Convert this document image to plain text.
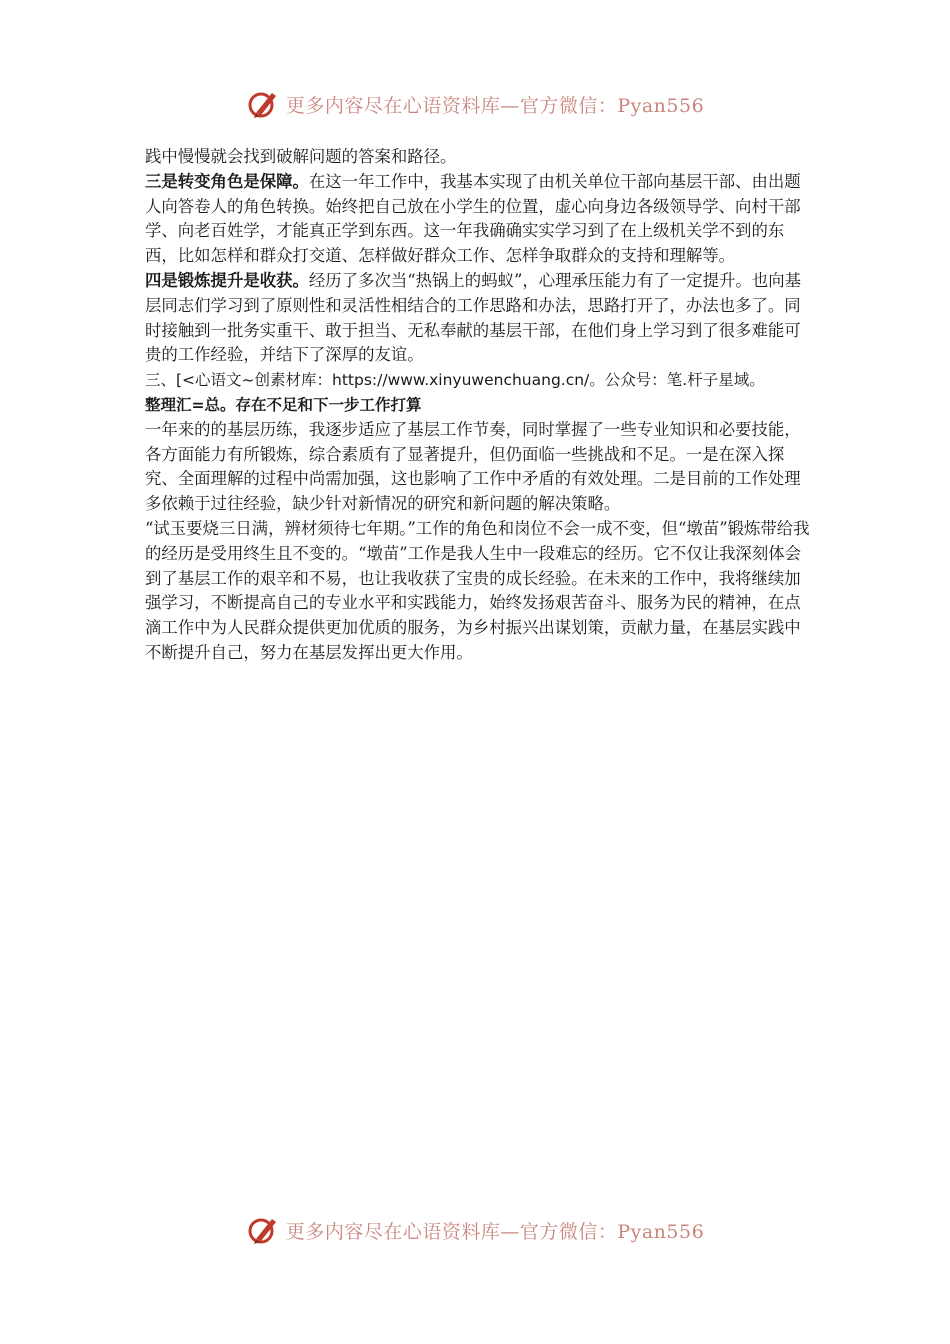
更多内容尽在心语资料库—官方微信：Pyan556

践中慢慢就会找到破解问题的答案和路径。

三是转变角色是保障。在这一年工作中，我基本实现了由机关单位干部向基层干部、由出题人向答卷人的角色转换。始终把自己放在小学生的位置，虚心向身边各级领导学、向村干部学、向老百姓学，才能真正学到东西。这一年我确确实实学习到了在上级机关学不到的东西，比如怎样和群众打交道、怎样做好群众工作、怎样争取群众的支持和理解等。

四是锻炼提升是收获。经历了多次当“热锅上的蚂蚁”，心理承压能力有了一定提升。也向基层同志们学习到了原则性和灵活性相结合的工作思路和办法，思路打开了，办法也多了。同时接触到一批务实重干、敢于担当、无私奉献的基层干部，在他们身上学习到了很多难能可贵的工作经验，并结下了深厚的友谊。

三、[<心语文~创素材库：https://www.xinyuwenchuang.cn/。公众号：笔.杆子星域。
整理汇=总。存在不足和下一步工作打算

一年来的的基层历练，我逐步适应了基层工作节奏，同时掌握了一些专业知识和必要技能，各方面能力有所锻炼，综合素质有了显著提升，但仍面临一些挑战和不足。一是在深入探究、全面理解的过程中尚需加强，这也影响了工作中矛盾的有效处理。二是目前的工作处理多依赖于过往经验，缺少针对新情况的研究和新问题的解决策略。

“试玉要烧三日满，辨材须待七年期。”工作的角色和岗位不会一成不变，但“墩苗”锻炼带给我的经历是受用终生且不变的。“墩苗”工作是我人生中一段难忘的经历。它不仅让我深刻体会到了基层工作的艰辛和不易，也让我收获了宝贵的成长经验。在未来的工作中，我将继续加强学习，不断提高自己的专业水平和实践能力，始终发扬艰苦奋斗、服务为民的精神，在点滴工作中为人民群众提供更加优质的服务，为乡村振兴出谋划策，贡献力量，在基层实践中不断提升自己，努力在基层发挥出更大作用。

更多内容尽在心语资料库—官方微信：Pyan556
